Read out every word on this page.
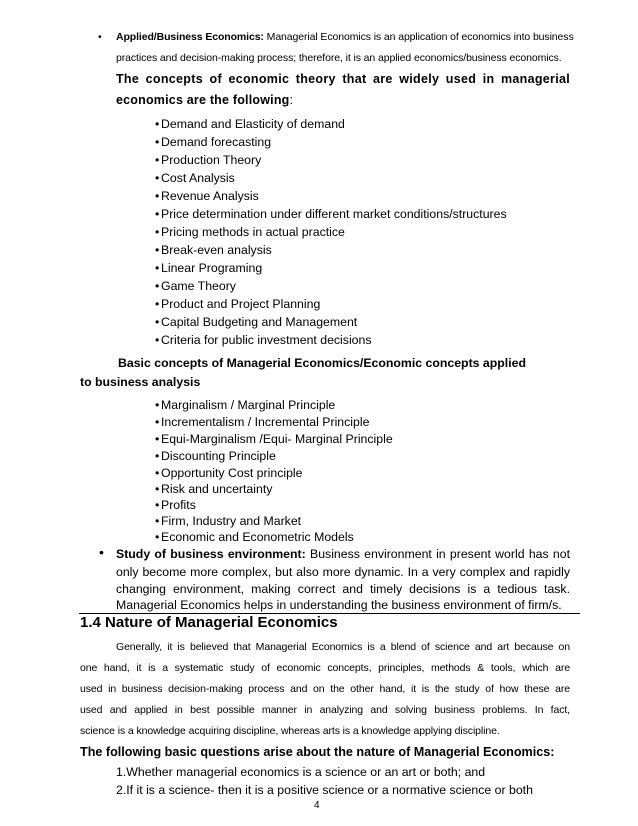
• Applied/Business Economics: Managerial Economics is an application of economics into business
practices and decision-making process; therefore, it is an applied economics/business economics.
The concepts of economic theory that are widely used in managerial
economics are the following:
• Demand and Elasticity of demand
• Demand forecasting
• Production Theory
• Cost Analysis
• Revenue Analysis
• Price determination under different market conditions/structures
• Pricing methods in actual practice
• Break-even analysis
• Linear Programing
• Game Theory
• Product and Project Planning
• Capital Budgeting and Management
• Criteria for public investment decisions
Basic concepts of Managerial Economics/Economic concepts applied
to business analysis
• Marginalism / Marginal Principle
• Incrementalism / Incremental Principle
• Equi-Marginalism /Equi- Marginal Principle
• Discounting Principle
• Opportunity Cost principle
• Risk and uncertainty
• Profits
• Firm, Industry and Market
• Economic and Econometric Models
• Study of business environment: Business environment in present world has not
only become more complex, but also more dynamic. In a very complex and rapidly
changing environment, making correct and timely decisions is a tedious task.
Managerial Economics helps in understanding the business environment of firm/s.
1.4 Nature of Managerial Economics
Generally, it is believed that Managerial Economics is a blend of science and art because on
one hand, it is a systematic study of economic concepts, principles, methods & tools, which are
used in business decision-making process and on the other hand, it is the study of how these are
used and applied in best possible manner in analyzing and solving business problems. In fact,
science is a knowledge acquiring discipline, whereas arts is a knowledge applying discipline.
The following basic questions arise about the nature of Managerial Economics:
1.Whether managerial economics is a science or an art or both; and
2.If it is a science- then it is a positive science or a normative science or both
4
